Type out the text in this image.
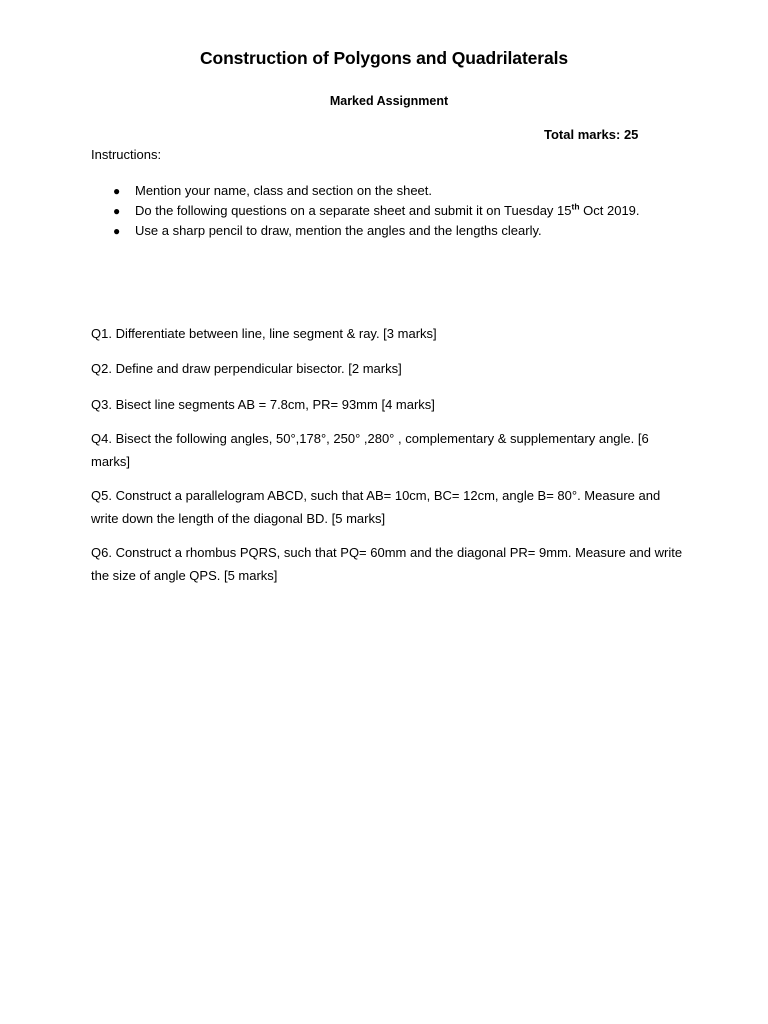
Construction of Polygons and Quadrilaterals
Marked Assignment
Total marks: 25
Instructions:
● Mention your name, class and section on the sheet.
● Do the following questions on a separate sheet and submit it on Tuesday 15th Oct 2019.
● Use a sharp pencil to draw, mention the angles and the lengths clearly.
Q1. Differentiate between line, line segment & ray. [3 marks]
Q2. Define and draw perpendicular bisector. [2 marks]
Q3. Bisect line segments AB = 7.8cm, PR= 93mm [4 marks]
Q4. Bisect the following angles, 50°,178°, 250° ,280° , complementary & supplementary angle. [6 marks]
Q5. Construct a parallelogram ABCD, such that AB= 10cm, BC= 12cm, angle B= 80°. Measure and write down the length of the diagonal BD. [5 marks]
Q6. Construct a rhombus PQRS, such that PQ= 60mm and the diagonal PR= 9mm. Measure and write the size of angle QPS. [5 marks]
